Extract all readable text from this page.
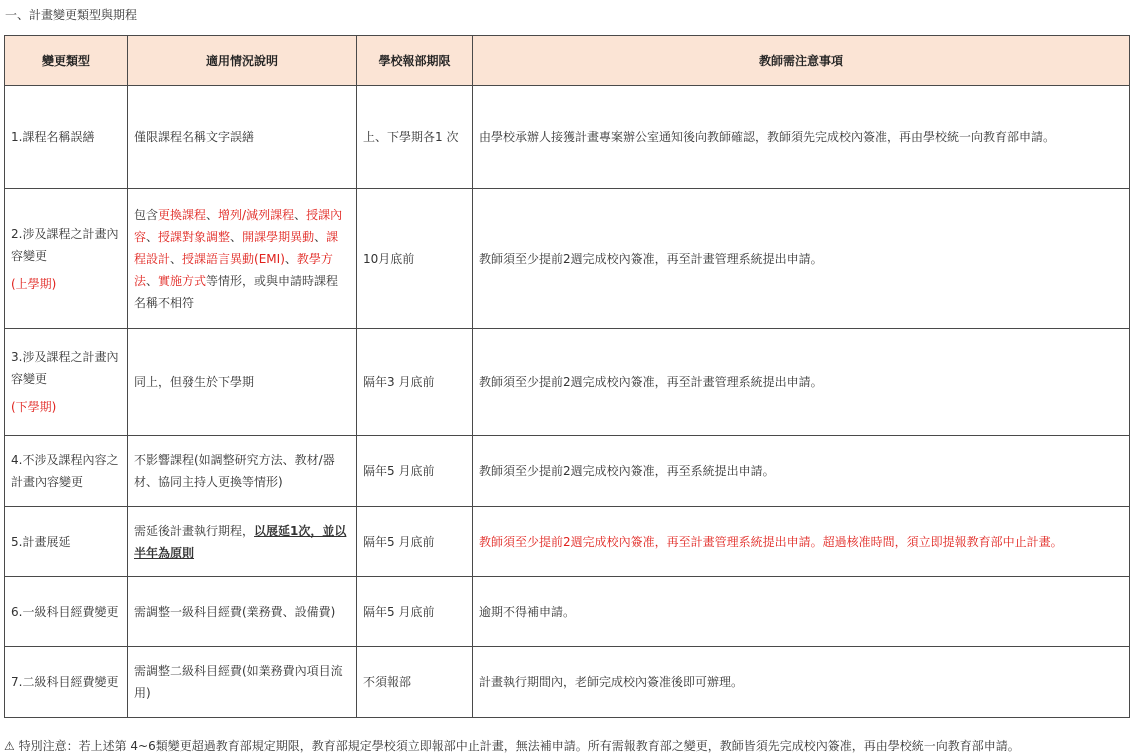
一、計畫變更類型與期程
變更類型	適用情況說明	學校報部期限	教師需注意事項
1.課程名稱誤繕	僅限課程名稱文字誤繕	上、下學期各1 次	由學校承辦人接獲計畫專案辦公室通知後向教師確認，教師須先完成校內簽准，再由學校統一向教育部申請。

2.涉及課程之計畫內容變更
(上學期)	包含更換課程、增列/減列課程、授課內容、授課對象調整、開課學期異動、課程設計、授課語言異動(EMI)、教學方法、實施方式等情形，或與申請時課程名稱不相符	10月底前	教師須至少提前2週完成校內簽准，再至計畫管理系統提出申請。

3.涉及課程之計畫內容變更
(下學期)	同上，但發生於下學期	隔年3 月底前	教師須至少提前2週完成校內簽准，再至計畫管理系統提出申請。
4.不涉及課程內容之計畫內容變更	不影響課程(如調整研究方法、教材/器材、協同主持人更換等情形)	隔年5 月底前	教師須至少提前2週完成校內簽准，再至系統提出申請。
5.計畫展延	需延後計畫執行期程，以展延1次，並以半年為原則	隔年5 月底前	教師須至少提前2週完成校內簽准，再至計畫管理系統提出申請。超過核准時間，須立即提報教育部中止計畫。
6.一級科目經費變更	需調整一級科目經費(業務費、設備費)	隔年5 月底前	逾期不得補申請。
7.二級科目經費變更	需調整二級科目經費(如業務費內項目流用)	不須報部	計畫執行期間內，老師完成校內簽准後即可辦理。
⚠ 特別注意：若上述第 4~6類變更超過教育部規定期限，教育部規定學校須立即報部中止計畫，無法補申請。所有需報教育部之變更，教師皆須先完成校內簽准，再由學校統一向教育部申請。
